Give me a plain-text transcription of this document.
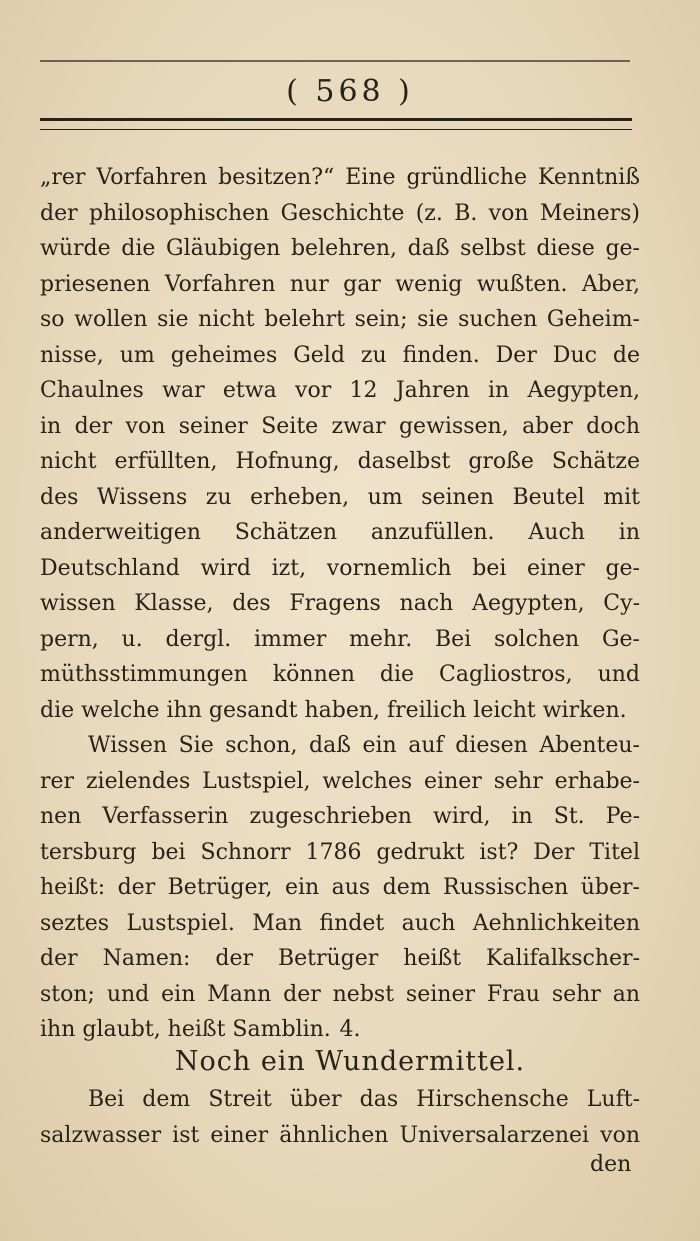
( 568 )
„rer Vorfahren besitzen?“ Eine gründliche Kenntniß
der philosophischen Geschichte (z. B. von Meiners)
würde die Gläubigen belehren, daß selbst diese ge-
priesenen Vorfahren nur gar wenig wußten. Aber,
so wollen sie nicht belehrt sein; sie suchen Geheim-
nisse, um geheimes Geld zu finden. Der Duc de
Chaulnes war etwa vor 12 Jahren in Aegypten,
in der von seiner Seite zwar gewissen, aber doch
nicht erfüllten, Hofnung, daselbst große Schätze
des Wissens zu erheben, um seinen Beutel mit
anderweitigen Schätzen anzufüllen. Auch in
Deutschland wird izt, vornemlich bei einer ge-
wissen Klasse, des Fragens nach Aegypten, Cy-
pern, u. dergl. immer mehr. Bei solchen Ge-
müthsstimmungen können die Cagliostros, und
die welche ihn gesandt haben, freilich leicht wirken.
Wissen Sie schon, daß ein auf diesen Abenteu-
rer zielendes Lustspiel, welches einer sehr erhabe-
nen Verfasserin zugeschrieben wird, in St. Pe-
tersburg bei Schnorr 1786 gedrukt ist? Der Titel
heißt: der Betrüger, ein aus dem Russischen über-
seztes Lustspiel. Man findet auch Aehnlichkeiten
der Namen: der Betrüger heißt Kalifalkscher-
ston; und ein Mann der nebst seiner Frau sehr an
ihn glaubt, heißt Samblin. 4.
Noch ein Wundermittel.
Bei dem Streit über das Hirschensche Luft-
salzwasser ist einer ähnlichen Universalarzenei von
den
